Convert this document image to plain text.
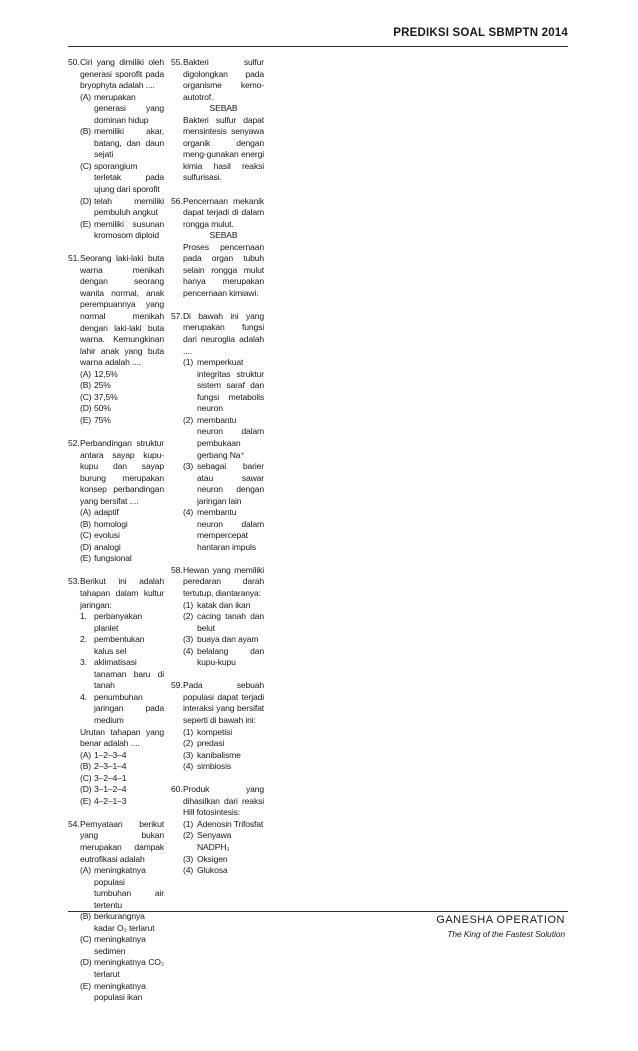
PREDIKSI SOAL SBMPTN 2014
50. Ciri yang dimiliki oleh generasi sporofit pada bryophyta adalah ....
(A) merupakan generasi yang dominan hidup
(B) memiliki akar, batang, dan daun sejati
(C) sporangium terletak pada ujung dari sporofit
(D) telah memiliki pembuluh angkut
(E) memiliki susunan kromosom diploid
51. Seorang laki-laki buta warna menikah dengan seorang wanita normal, anak perempuannya yang normal menikah dengan laki-laki buta warna. Kemungkinan lahir anak yang buta warna adalah ....
(A) 12,5%
(B) 25%
(C) 37,5%
(D) 50%
(E) 75%
52. Perbandingan struktur antara sayap kupu-kupu dan sayap burung merupakan konsep perbandingan yang bersifat ....
(A) adaptif
(B) homologi
(C) evolusi
(D) analogi
(E) fungsional
53. Berikut ini adalah tahapan dalam kultur jaringan:
1. perbanyakan planlet
2. pembentukan kalus sel
3. aklimatisasi tanaman baru di tanah
4. penumbuhan jaringan pada medium
Urutan tahapan yang benar adalah ....
(A) 1–2–3–4
(B) 2–3–1–4
(C) 3–2–4–1
(D) 3–1–2–4
(E) 4–2–1–3
54. Pernyataan berikut yang bukan merupakan dampak eutrofikasi adalah
(A) meningkatnya populasi tumbuhan air tertentu
(B) berkurangnya kadar O₂ terlarut
(C) meningkatnya sedimen
(D) meningkatnya CO₂ terlarut
(E) meningkatnya populasi ikan
55. Bakteri sulfur digolongkan pada organisme kemo-autotrof.
SEBAB
Bakteri sulfur dapat mensintesis senyawa organik dengan meng-gunakan energi kimia hasil reaksi sulfurisasi.
56. Pencernaan mekanik dapat terjadi di dalam rongga mulut.
SEBAB
Proses pencernaan pada organ tubuh selain rongga mulut hanya merupakan pencernaan kimiawi.
57. Di bawah ini yang merupakan fungsi dari neuroglia adalah ....
(1) memperkuat integritas struktur sistem saraf dan fungsi metabolis neuron
(2) membantu neuron dalam pembukaan gerbang Na⁺
(3) sebagai barier atau sawar neuron dengan jaringan lain
(4) membantu neuron dalam mempercepat hantaran impuls
58. Hewan yang memiliki peredaran darah tertutup, diantaranya:
(1) katak dan ikan
(2) cacing tanah dan belut
(3) buaya dan ayam
(4) belalang dan kupu-kupu
59. Pada sebuah populasi dapat terjadi interaksi yang bersifat seperti di bawah ini:
(1) kompetisi
(2) predasi
(3) kanibalisme
(4) simbiosis
60. Produk yang dihasilkan dari reaksi Hill fotosintesis:
(1) Adenosin Trifosfat
(2) Senyawa NADPH₂
(3) Oksigen
(4) Glukosa
GANESHA OPERATION
The King of the Fastest Solution
